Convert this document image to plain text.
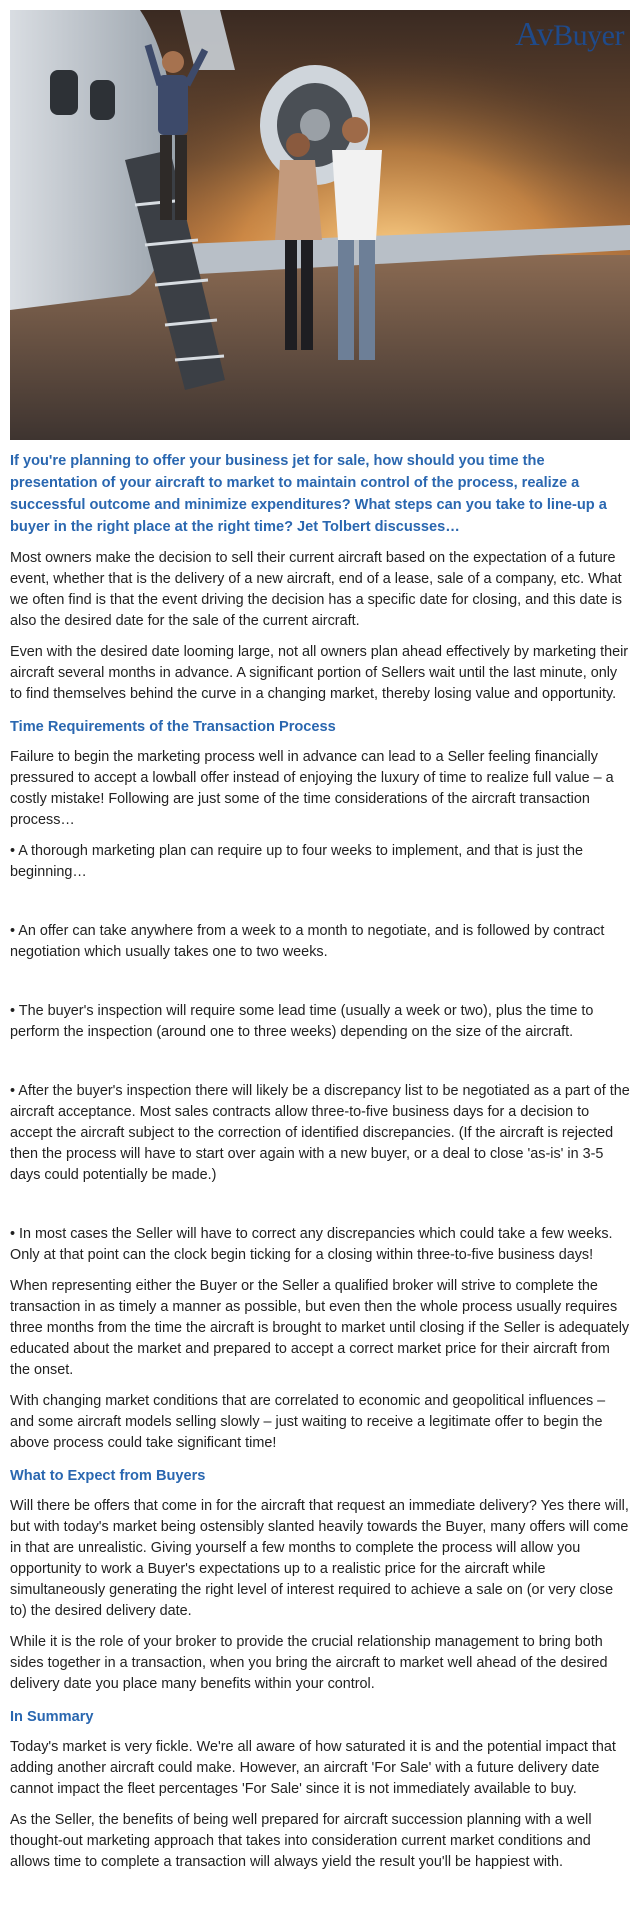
AvBuyer

If you're planning to offer your business jet for sale, how should you time the presentation of your aircraft to market to maintain control of the process, realize a successful outcome and minimize expenditures? What steps can you take to line-up a buyer in the right place at the right time? Jet Tolbert discusses…

Most owners make the decision to sell their current aircraft based on the expectation of a future event, whether that is the delivery of a new aircraft, end of a lease, sale of a company, etc. What we often find is that the event driving the decision has a specific date for closing, and this date is also the desired date for the sale of the current aircraft.

Even with the desired date looming large, not all owners plan ahead effectively by marketing their aircraft several months in advance. A significant portion of Sellers wait until the last minute, only to find themselves behind the curve in a changing market, thereby losing value and opportunity.

Time Requirements of the Transaction Process

Failure to begin the marketing process well in advance can lead to a Seller feeling financially pressured to accept a lowball offer instead of enjoying the luxury of time to realize full value – a costly mistake! Following are just some of the time considerations of the aircraft transaction process…

• A thorough marketing plan can require up to four weeks to implement, and that is just the beginning…
• An offer can take anywhere from a week to a month to negotiate, and is followed by contract negotiation which usually takes one to two weeks.
• The buyer's inspection will require some lead time (usually a week or two), plus the time to perform the inspection (around one to three weeks) depending on the size of the aircraft.
• After the buyer's inspection there will likely be a discrepancy list to be negotiated as a part of the aircraft acceptance. Most sales contracts allow three-to-five business days for a decision to accept the aircraft subject to the correction of identified discrepancies. (If the aircraft is rejected then the process will have to start over again with a new buyer, or a deal to close 'as-is' in 3-5 days could potentially be made.)
• In most cases the Seller will have to correct any discrepancies which could take a few weeks. Only at that point can the clock begin ticking for a closing within three-to-five business days!

When representing either the Buyer or the Seller a qualified broker will strive to complete the transaction in as timely a manner as possible, but even then the whole process usually requires three months from the time the aircraft is brought to market until closing if the Seller is adequately educated about the market and prepared to accept a correct market price for their aircraft from the onset.

With changing market conditions that are correlated to economic and geopolitical influences – and some aircraft models selling slowly – just waiting to receive a legitimate offer to begin the above process could take significant time!

What to Expect from Buyers

Will there be offers that come in for the aircraft that request an immediate delivery? Yes there will, but with today's market being ostensibly slanted heavily towards the Buyer, many offers will come in that are unrealistic. Giving yourself a few months to complete the process will allow you opportunity to work a Buyer's expectations up to a realistic price for the aircraft while simultaneously generating the right level of interest required to achieve a sale on (or very close to) the desired delivery date.

While it is the role of your broker to provide the crucial relationship management to bring both sides together in a transaction, when you bring the aircraft to market well ahead of the desired delivery date you place many benefits within your control.

In Summary

Today's market is very fickle. We're all aware of how saturated it is and the potential impact that adding another aircraft could make. However, an aircraft 'For Sale' with a future delivery date cannot impact the fleet percentages 'For Sale' since it is not immediately available to buy.

As the Seller, the benefits of being well prepared for aircraft succession planning with a well thought-out marketing approach that takes into consideration current market conditions and allows time to complete a transaction will always yield the result you'll be happiest with.
